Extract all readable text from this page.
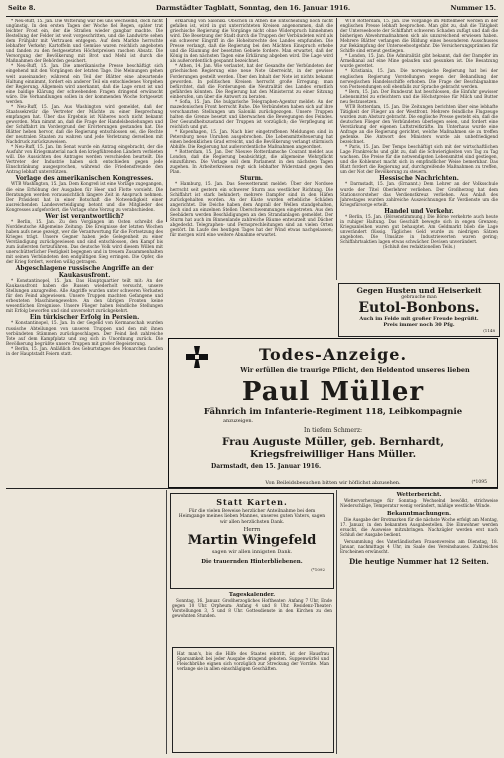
Seite 8.	Darmstädter Tagblatt, Sonntag, den 16. Januar 1916.	Nummer 15.

* Neu-Ruff, 15. Jan. Die Witterung war bei uns wechselnd, doch nicht ungünstig. In den ersten Tagen der Woche fiel Regen, später trat leichter Frost ein, der die Straßen wieder gangbar machte. Die Bestellung der Felder ist weit vorgeschritten, und die Landwirte sehen dem Frühjahr mit Vertrauen entgegen. Auf dem Markte herrschte lebhafter Verkehr; Kartoffeln und Gemüse waren reichlich angeboten und fanden zu den festgesetzten Höchstpreisen raschen Absatz. Die Versorgung der Bevölkerung mit Brot und Mehl ist durch die Maßnahmen der Behörden gesichert.

* Neu-Ruff, 15. Jan. Die amerikanische Presse beschäftigt sich eingehend mit den Vorgängen der letzten Tage. Die Meinungen gehen weit auseinander; während ein Teil der Blätter eine abwartende Haltung einnimmt, fordert ein anderer Teil ein entschiedenes Vorgehen der Regierung. Allgemein wird anerkannt, daß die Lage ernst ist und eine baldige Klärung der schwebenden Fragen dringend erwünscht wäre. Die Verhandlungen sollen in der kommenden Woche fortgesetzt werden.

* Neu-Ruff, 15. Jan. Aus Washington wird gemeldet, daß der Staatssekretär die Vertreter der Mächte zu einer Besprechung empfangen hat. Über das Ergebnis ist Näheres noch nicht bekannt geworden. Man nimmt an, daß die Frage der Handelsbeziehungen und der Schiffahrt im Vordergrund der Erörterungen gestanden hat. Die Blätter heben hervor, daß die Regierung entschlossen sei, die Rechte der neutralen Staaten zu wahren und jede Verletzung derselben mit Nachdruck zurückzuweisen.

* Neu-Ruff, 15. Jan. Im Senat wurde ein Antrag eingebracht, der die Ausfuhr von Kriegsmaterial nach den kriegführenden Ländern verbieten will. Die Aussichten des Antrages werden verschieden beurteilt. Die Vertreter der Industrie haben sich entschieden gegen jede Einschränkung ausgesprochen, während die Friedensfreunde den Antrag lebhaft unterstützen.

Vorlage des amerikanischen Kongresses.

WTB Washington, 15. Jan. Dem Kongreß ist eine Vorlage zugegangen, die eine Erhöhung der Ausgaben für Heer und Flotte vorsieht. Die Beratungen werden voraussichtlich längere Zeit in Anspruch nehmen. Der Präsident hat in einer Botschaft die Notwendigkeit einer ausreichenden Landesverteidigung betont und die Mitglieder des Kongresses aufgefordert, die Vorlage ohne Verzug zu verabschieden.

Wer ist verantwortlich?

* Berlin, 15. Jan. Zu den Vorgängen im Osten schreibt die Norddeutsche Allgemeine Zeitung: Die Ereignisse der letzten Wochen haben aufs neue gezeigt, wer die Verantwortung für die Fortsetzung des Krieges trägt. Unsere Gegner haben jede Gelegenheit zu einer Verständigung zurückgewiesen und sind entschlossen, den Kampf bis zum äußersten fortzuführen. Das deutsche Volk wird diesem Willen mit unerschütterlicher Festigkeit begegnen und in treuem Zusammenhalten mit seinen Verbündeten den endgültigen Sieg erringen. Die Opfer, die der Krieg fordert, werden willig getragen.

Abgeschlagene russische Angriffe an der Kaukasusfront.

* Konstantinopel, 15. Jan. Das Hauptquartier teilt mit: An der Kaukasusfront haben die Russen wiederholt versucht, unsere Stellungen anzugreifen. Alle Angriffe wurden unter schweren Verlusten für den Feind abgewiesen. Unsere Truppen machten Gefangene und erbeuteten Maschinengewehre. An den übrigen Fronten keine wesentlichen Ereignisse. Unsere Flieger haben feindliche Stellungen mit Erfolg beworfen und sind unversehrt zurückgekehrt.

Ein türkischer Erfolg in Persien.

* Konstantinopel, 15. Jan. In der Gegend von Kermanschah wurden russische Abteilungen von unseren Truppen und den mit ihnen verbündeten Stämmen zurückgeschlagen. Der Feind ließ zahlreiche Tote auf dem Kampfplatz und zog sich in Unordnung zurück. Die Bevölkerung begrüßte unsere Truppen mit großer Begeisterung.

* Berlin, 15. Jan. Anläßlich des Geburtstages des Monarchen fanden in der Hauptstadt Feiern statt.

erklärung von Saloniki. Obschon in Athen die Entscheidung noch nicht gefallen ist, wird in gut unterrichteten Kreisen angenommen, daß die griechische Regierung die Vorgänge nicht ohne Widerspruch hinnehmen wird. Die Besetzung der Stadt durch die Truppen der Verbündeten wird als ein schwerer Eingriff in die Hoheitsrechte des Landes empfunden. Die Presse verlangt, daß die Regierung bei den Mächten Einspruch erhebe und die Räumung der besetzten Gebiete fordere. Man erwartet, daß der König in den nächsten Tagen eine Erklärung abgeben wird. Die Lage wird als außerordentlich gespannt bezeichnet.

* Athen, 14. Jan. Wie verlautet, hat der Gesandte der Verbündeten der griechischen Regierung eine neue Note überreicht, in der gewisse Forderungen gestellt werden. Über den Inhalt der Note ist nichts bekannt geworden. In politischen Kreisen herrscht große Erregung; man befürchtet, daß die Forderungen die Neutralität des Landes ernstlich gefährden könnten. Die Regierung hat den Ministerrat zu einer Sitzung einberufen, um über die Antwort zu beraten.

* Sofia, 15. Jan. Die bulgarische Telegraphen-Agentur meldet: An der mazedonischen Front herrscht Ruhe. Die Verbündeten haben sich auf ihre verschanzten Stellungen um Saloniki zurückgezogen. Unsere Truppen halten die Grenze besetzt und überwachen die Bewegungen des Feindes. Der Gesundheitszustand der Truppen ist vorzüglich; die Verpflegung ist reichlich und gut.

* Kopenhagen, 15. Jan. Nach hier eingetroffenen Meldungen sind in Petersburg neue Unruhen ausgebrochen. Die Lebensmittelteuerung hat einen bedenklichen Grad erreicht, und die Bevölkerung verlangt stürmisch Abhilfe. Die Regierung hat außerordentliche Maßnahmen angeordnet.

* Rotterdam, 15. Jan. Der Nieuwe Rotterdamsche Courant meldet aus London, daß die Regierung beabsichtigt, die allgemeine Wehrpflicht einzuführen. Die Vorlage soll dem Parlament in den nächsten Tagen zugehen. In Arbeiterkreisen regt sich lebhafter Widerstand gegen den Plan.

Sturm.

* Hamburg, 15. Jan. Das Seewetteramt meldet: Über der Nordsee herrscht seit gestern ein schwerer Sturm aus westlicher Richtung. Die Schiffahrt ist stark behindert; mehrere Dampfer sind in den Häfen zurückgehalten worden. An der Küste wurden erhebliche Schäden angerichtet. Die Deiche haben dem Anprall der Wellen standgehalten, doch sind an einzelnen Stellen Überschwemmungen eingetreten. Aus den Seebädern werden Beschädigungen an den Strandanlagen gemeldet. Der Sturm hat auch im Binnenlande zahlreiche Bäume entwurzelt und Dächer abgedeckt. Telegraphen- und Fernsprechleitungen sind an vielen Orten gestört. Im Laufe des heutigen Tages hat der Wind etwas nachgelassen; für morgen wird eine weitere Abnahme erwartet.

WTB Rotterdam, 15. Jan. Die Vorgänge im Mittelmeer werden in der englischen Presse lebhaft besprochen. Man gibt zu, daß die Tätigkeit der Unterseeboote der Schiffahrt schweren Schaden zufügt und daß die bisherigen Abwehrmaßnahmen sich als unzureichend erwiesen haben. Mehrere Blätter verlangen die Bildung eines besonderen Ausschusses zur Bekämpfung der Unterseebootgefahr. Die Versicherungsprämien für Schiffe sind erneut gestiegen.

* London, 15. Jan. Die Admiralität gibt bekannt, daß der Dampfer im Ärmelkanal auf eine Mine gelaufen und gesunken ist. Die Besatzung wurde gerettet.

* Kristiania, 15. Jan. Die norwegische Regierung hat bei der englischen Regierung Vorstellungen wegen der Behandlung der norwegischen Handelsschiffe erhoben. Die Frage der Beschlagnahme von Postsendungen soll ebenfalls zur Sprache gebracht werden.

* Bern, 15. Jan. Der Bundesrat hat beschlossen, die Einfuhr gewisser Lebensmittel zu erleichtern und die Höchstpreise für Milch und Butter neu festzusetzen.

WTB Rotterdam, 15. Jan. Die Zeitungen berichten über eine lebhafte Tätigkeit der Flieger an der Westfront. Mehrere feindliche Flugzeuge wurden zum Absturz gebracht. Die englische Presse gesteht ein, daß die deutschen Flieger den Verbündeten überlegen seien, und fordert eine Verstärkung der eigenen Luftstreitkräfte. Im Unterhaus wurde eine Anfrage an die Regierung gerichtet, welche Maßnahmen sie zu treffen gedenke. Die Antwort des Ministers wurde als unbefriedigend bezeichnet.

* Paris, 15. Jan. Der Temps beschäftigt sich mit der wirtschaftlichen Lage Frankreichs und gibt zu, daß die Schwierigkeiten von Tag zu Tag wachsen. Die Preise für die notwendigsten Lebensmittel sind gestiegen, und die Kohlennot macht sich in empfindlicher Weise bemerkbar. Das Blatt fordert die Regierung auf, durchgreifende Maßnahmen zu treffen, um der Not der Bevölkerung zu steuern.

Hessische Nachrichten.

* Darmstadt, 15. Jan. (Ernannt.) Dem Lehrer an der Volksschule wurde der Titel Oberlehrer verliehen. Der Großherzog hat dem Stationsvorsteher das Verdienstkreuz verliehen. Aus Anlaß des Jahrestages wurden zahlreiche Auszeichnungen für Verdienste um die Kriegsfürsorge erteilt.

Handel und Verkehr.

* Berlin, 15. Jan. (Börsenstimmung.) Die Börse verkehrte auch heute in ruhiger Haltung. Das Geschäft bewegte sich in engen Grenzen; Kriegsanleihen waren gut behauptet. Am Geldmarkt blieb die Lage unverändert flüssig. Tägliches Geld wurde zu niedrigen Sätzen angeboten. Die Umsätze in Industriewerten waren gering; Schiffahrtsaktien lagen etwas schwächer. Devisen unverändert.

(Schluß des redaktionellen Teils.)

Gegen Husten und Heiserkeit
gebrauche man
Eutol-Bonbons.
Auch im Felde mit großer Freude begrüßt.
Preis immer noch 30 Pfg.
(1148
Todes-Anzeige.
Wir erfüllen die traurige Pflicht, den Heldentod unseres lieben
Paul Müller
Fähnrich im Infanterie-Regiment 118, Leibkompagnie
anzuzeigen.
In tiefem Schmerz:
Frau Auguste Müller, geb. Bernhardt,
Kriegsfreiwilliger Hans Müller.
Darmstadt, den 15. Januar 1916.
Von Beileidsbesuchen bitten wir höflichst abzusehen.	(*1095
Statt Karten.
Für die vielen Beweise herzlicher Anteilnahme bei dem Heimgange meines lieben Mannes, unseres guten Vaters, sagen wir allen herzlichsten Dank.
Herrn
Martin Wingefeld
sagen wir allen innigsten Dank.
(*1092
Die trauernden Hinterbliebenen.
Tageskalender.
Sonntag, 16. Januar. Großherzogliches Hoftheater: Anfang 7 Uhr, Ende gegen 10 Uhr. Orpheum: Anfang 4 und 8 Uhr. Residenz-Theater: Vorstellungen 3, 5 und 8 Uhr. Gottesdienste in den Kirchen zu den gewohnten Stunden.
Hat man's, bis die Hilfe des Staates eintritt, ist der Hausfrau Sparsamkeit bei jeder Ausgabe dringend geboten. Suppenwürfel und Fleischbrühe eignen sich vorzüglich zur Streckung der Vorräte. Man verlange sie in allen einschlägigen Geschäften.
Wetterbericht.
Wettervorhersage für Sonntag: Wechselnd bewölkt, strichweise Niederschläge, Temperatur wenig verändert, mäßige westliche Winde.
Bekanntmachungen.
Die Ausgabe der Brotmarken für die nächste Woche erfolgt am Montag, 17. Januar, in den bekannten Ausgabestellen. Die Einwohner werden ersucht, die Ausweise mitzubringen. Nachzügler werden erst nach Schluß der Ausgabe bedient.
Versammlung des Vaterländischen Frauenvereins am Dienstag, 18. Januar, nachmittags 4 Uhr, im Saale des Vereinshauses. Zahlreiches Erscheinen erwünscht.
Die heutige Nummer hat 12 Seiten.
